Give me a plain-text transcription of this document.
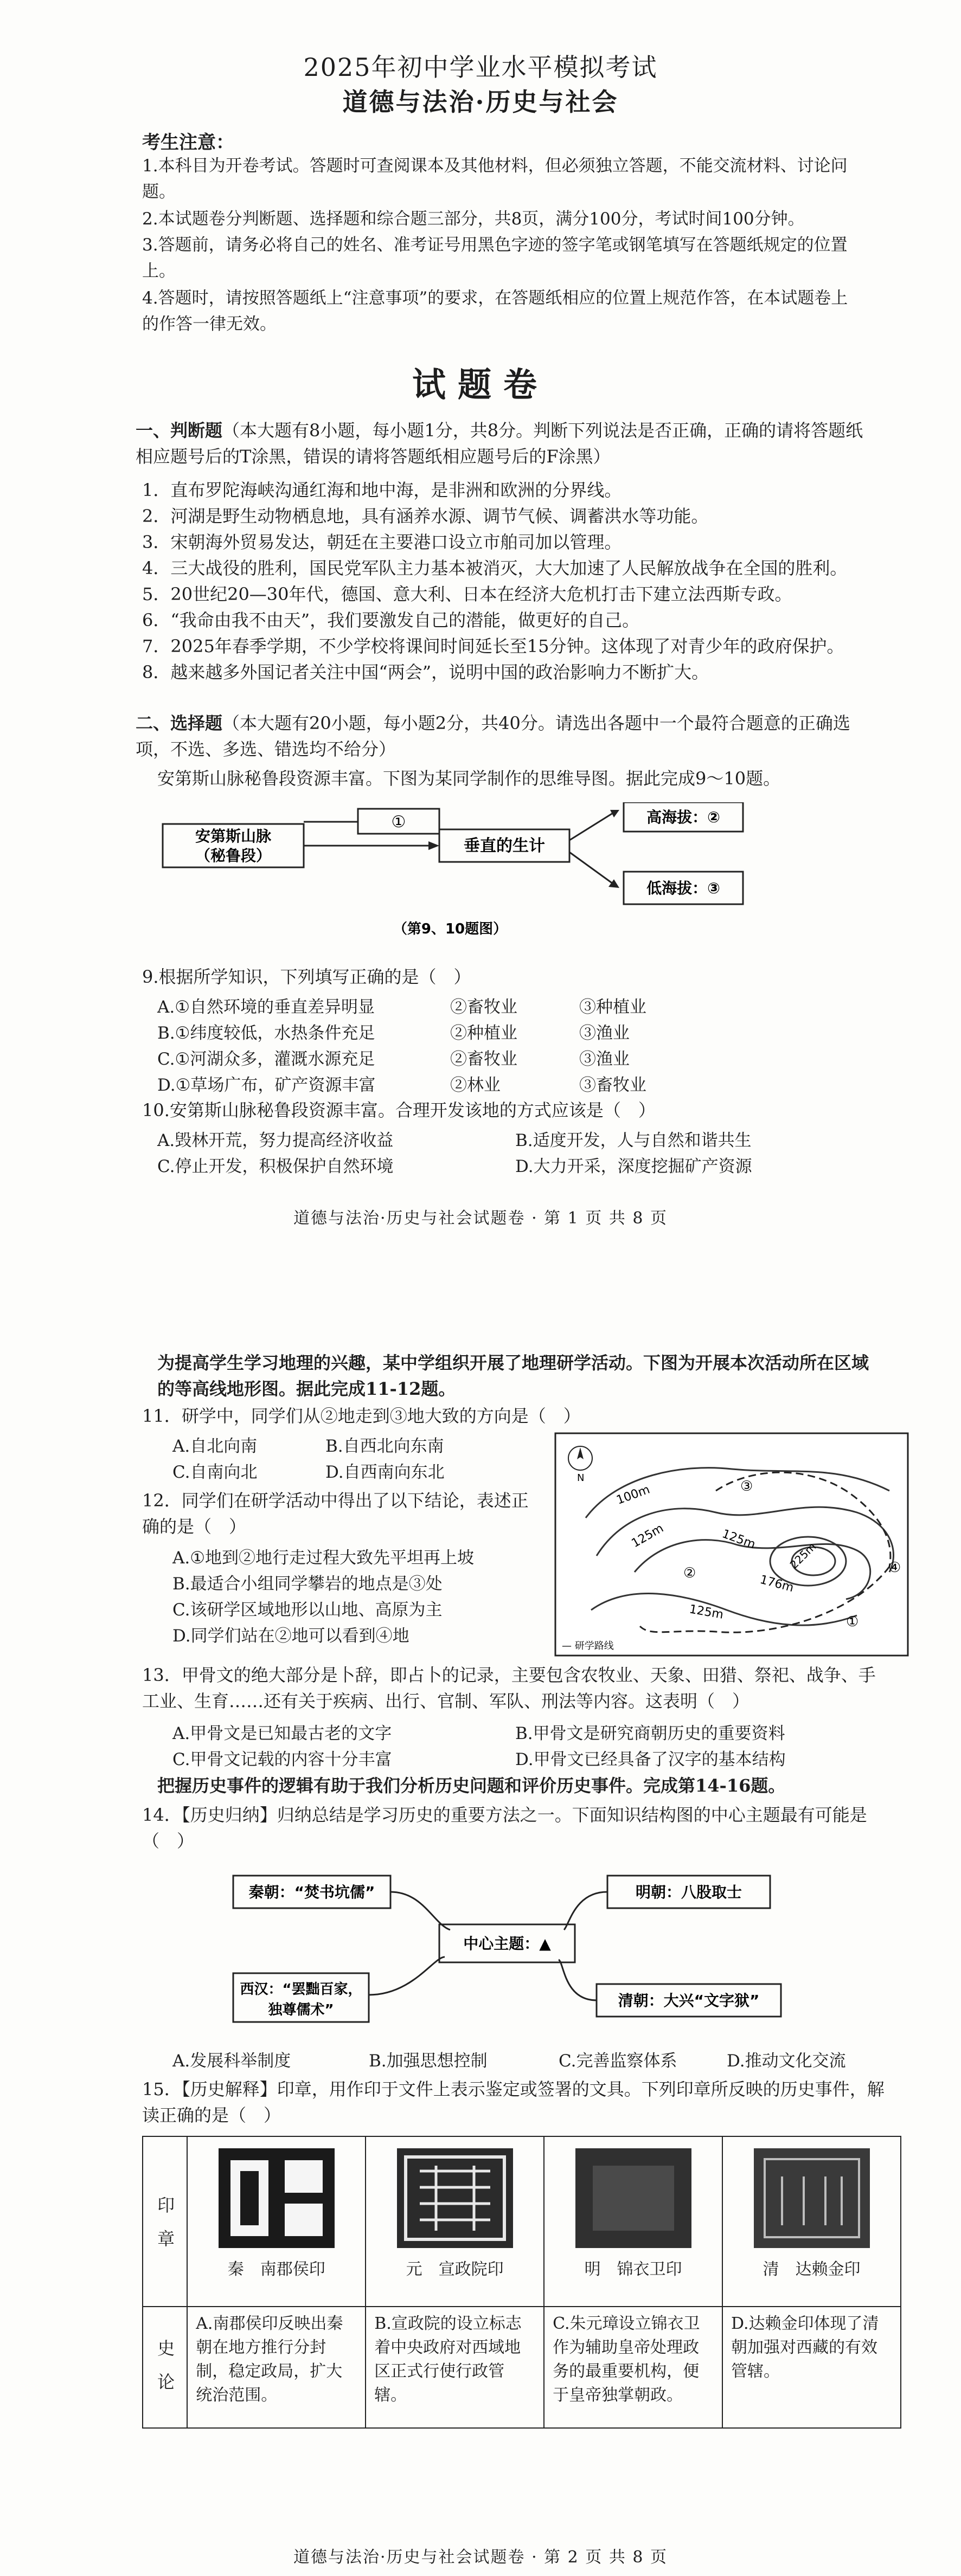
2025年初中学业水平模拟考试
道德与法治·历史与社会
考生注意：
1.本科目为开卷考试。答题时可查阅课本及其他材料，但必须独立答题，不能交流材料、讨论问题。
2.本试题卷分判断题、选择题和综合题三部分，共8页，满分100分，考试时间100分钟。
3.答题前，请务必将自己的姓名、准考证号用黑色字迹的签字笔或钢笔填写在答题纸规定的位置上。
4.答题时，请按照答题纸上“注意事项”的要求，在答题纸相应的位置上规范作答，在本试题卷上的作答一律无效。
试题卷
一、判断题（本大题有8小题，每小题1分，共8分。判断下列说法是否正确，正确的请将答题纸相应题号后的T涂黑，错误的请将答题纸相应题号后的F涂黑）
1．直布罗陀海峡沟通红海和地中海，是非洲和欧洲的分界线。
2．河湖是野生动物栖息地，具有涵养水源、调节气候、调蓄洪水等功能。
3．宋朝海外贸易发达，朝廷在主要港口设立市舶司加以管理。
4．三大战役的胜利，国民党军队主力基本被消灭，大大加速了人民解放战争在全国的胜利。
5．20世纪20—30年代，德国、意大利、日本在经济大危机打击下建立法西斯专政。
6．“我命由我不由天”，我们要激发自己的潜能，做更好的自己。
7．2025年春季学期，不少学校将课间时间延长至15分钟。这体现了对青少年的政府保护。
8．越来越多外国记者关注中国“两会”，说明中国的政治影响力不断扩大。
二、选择题（本大题有20小题，每小题2分，共40分。请选出各题中一个最符合题意的正确选项，不选、多选、错选均不给分）
安第斯山脉秘鲁段资源丰富。下图为某同学制作的思维导图。据此完成9～10题。
安第斯山脉
（秘鲁段）
①
垂直的生计
高海拔：②
低海拔：③
（第9、10题图）
9.根据所学知识，下列填写正确的是（　）
A.①自然环境的垂直差异明显	②畜牧业	③种植业
B.①纬度较低，水热条件充足	②种植业	③渔业
C.①河湖众多，灌溉水源充足	②畜牧业	③渔业
D.①草场广布，矿产资源丰富	②林业	③畜牧业
10.安第斯山脉秘鲁段资源丰富。合理开发该地的方式应该是（　）
A.毁林开荒，努力提高经济收益	B.适度开发，人与自然和谐共生
C.停止开发，积极保护自然环境	D.大力开采，深度挖掘矿产资源
道德与法治·历史与社会试题卷 · 第 1 页 共 8 页
为提高学生学习地理的兴趣，某中学组织开展了地理研学活动。下图为开展本次活动所在区域的等高线地形图。据此完成11-12题。
11．研学中，同学们从②地走到③地大致的方向是（　）
A.自北向南	B.自西北向东南
C.自南向北	D.自西南向东北
12．同学们在研学活动中得出了以下结论，表述正确的是（　）
A.①地到②地行走过程大致先平坦再上坡
B.最适合小组同学攀岩的地点是③处
C.该研学区域地形以山地、高原为主
D.同学们站在②地可以看到④地
N
100m
125m	125m
176m
225m
125m
①
②
③
④
— 研学路线
13．甲骨文的绝大部分是卜辞，即占卜的记录，主要包含农牧业、天象、田猎、祭祀、战争、手工业、生育……还有关于疾病、出行、官制、军队、刑法等内容。这表明（　）
A.甲骨文是已知最古老的文字	B.甲骨文是研究商朝历史的重要资料
C.甲骨文记载的内容十分丰富	D.甲骨文已经具备了汉字的基本结构
把握历史事件的逻辑有助于我们分析历史问题和评价历史事件。完成第14-16题。
14．【历史归纳】归纳总结是学习历史的重要方法之一。下面知识结构图的中心主题最有可能是（　）
秦朝：“焚书坑儒”	明朝：八股取士
中心主题：▲
西汉：“罢黜百家，
独尊儒术”
清朝：大兴“文字狱”
A.发展科举制度	B.加强思想控制	C.完善监察体系	D.推动文化交流
15．【历史解释】印章，用作印于文件上表示鉴定或签署的文具。下列印章所反映的历史事件，解读正确的是（　）
印章	秦　南郡侯印	元　宣政院印	明　锦衣卫印	清　达赖金印

史论	A.南郡侯印反映出秦朝在地方推行分封制，稳定政局，扩大统治范围。	B.宣政院的设立标志着中央政府对西域地区正式行使行政管辖。	C.朱元璋设立锦衣卫作为辅助皇帝处理政务的最重要机构，便于皇帝独掌朝政。	D.达赖金印体现了清朝加强对西藏的有效管辖。
道德与法治·历史与社会试题卷 · 第 2 页 共 8 页
